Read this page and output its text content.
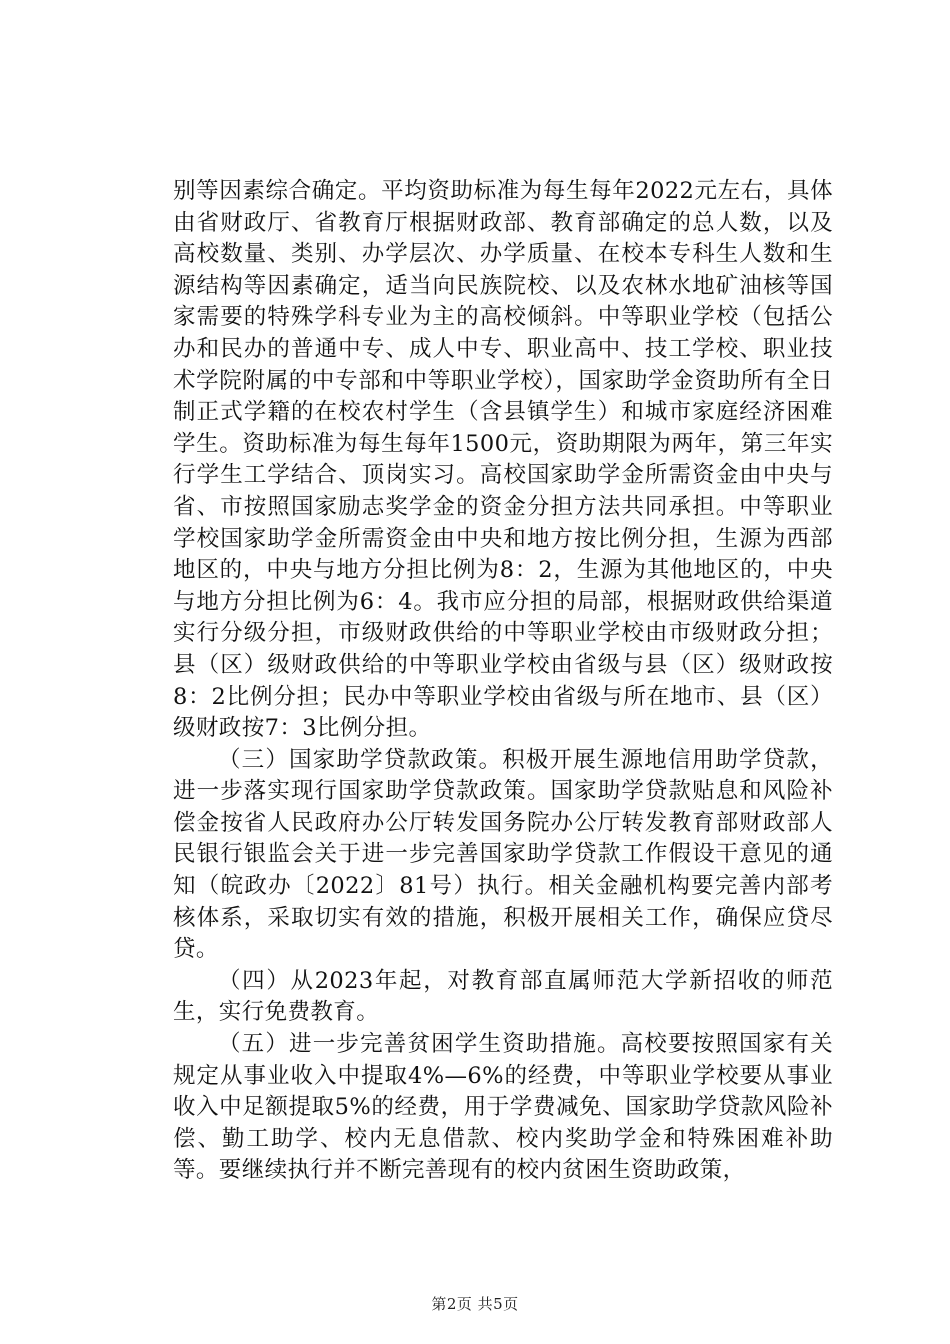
别等因素综合确定。平均资助标准为每生每年2022元左右，具体由省财政厅、省教育厅根据财政部、教育部确定的总人数，以及高校数量、类别、办学层次、办学质量、在校本专科生人数和生源结构等因素确定，适当向民族院校、以及农林水地矿油核等国家需要的特殊学科专业为主的高校倾斜。中等职业学校（包括公办和民办的普通中专、成人中专、职业高中、技工学校、职业技术学院附属的中专部和中等职业学校），国家助学金资助所有全日制正式学籍的在校农村学生（含县镇学生）和城市家庭经济困难学生。资助标准为每生每年1500元，资助期限为两年，第三年实行学生工学结合、顶岗实习。高校国家助学金所需资金由中央与省、市按照国家励志奖学金的资金分担方法共同承担。中等职业学校国家助学金所需资金由中央和地方按比例分担，生源为西部地区的，中央与地方分担比例为8：2，生源为其他地区的，中央与地方分担比例为6：4。我市应分担的局部，根据财政供给渠道实行分级分担，市级财政供给的中等职业学校由市级财政分担；县（区）级财政供给的中等职业学校由省级与县（区）级财政按8：2比例分担；民办中等职业学校由省级与所在地市、县（区）级财政按7：3比例分担。

（三）国家助学贷款政策。积极开展生源地信用助学贷款，进一步落实现行国家助学贷款政策。国家助学贷款贴息和风险补偿金按省人民政府办公厅转发国务院办公厅转发教育部财政部人民银行银监会关于进一步完善国家助学贷款工作假设干意见的通知（皖政办〔2022〕81号）执行。相关金融机构要完善内部考核体系，采取切实有效的措施，积极开展相关工作，确保应贷尽贷。

（四）从2023年起，对教育部直属师范大学新招收的师范生，实行免费教育。

（五）进一步完善贫困学生资助措施。高校要按照国家有关规定从事业收入中提取4%—6%的经费，中等职业学校要从事业收入中足额提取5%的经费，用于学费减免、国家助学贷款风险补偿、勤工助学、校内无息借款、校内奖助学金和特殊困难补助等。要继续执行并不断完善现有的校内贫困生资助政策，

第2页 共5页
